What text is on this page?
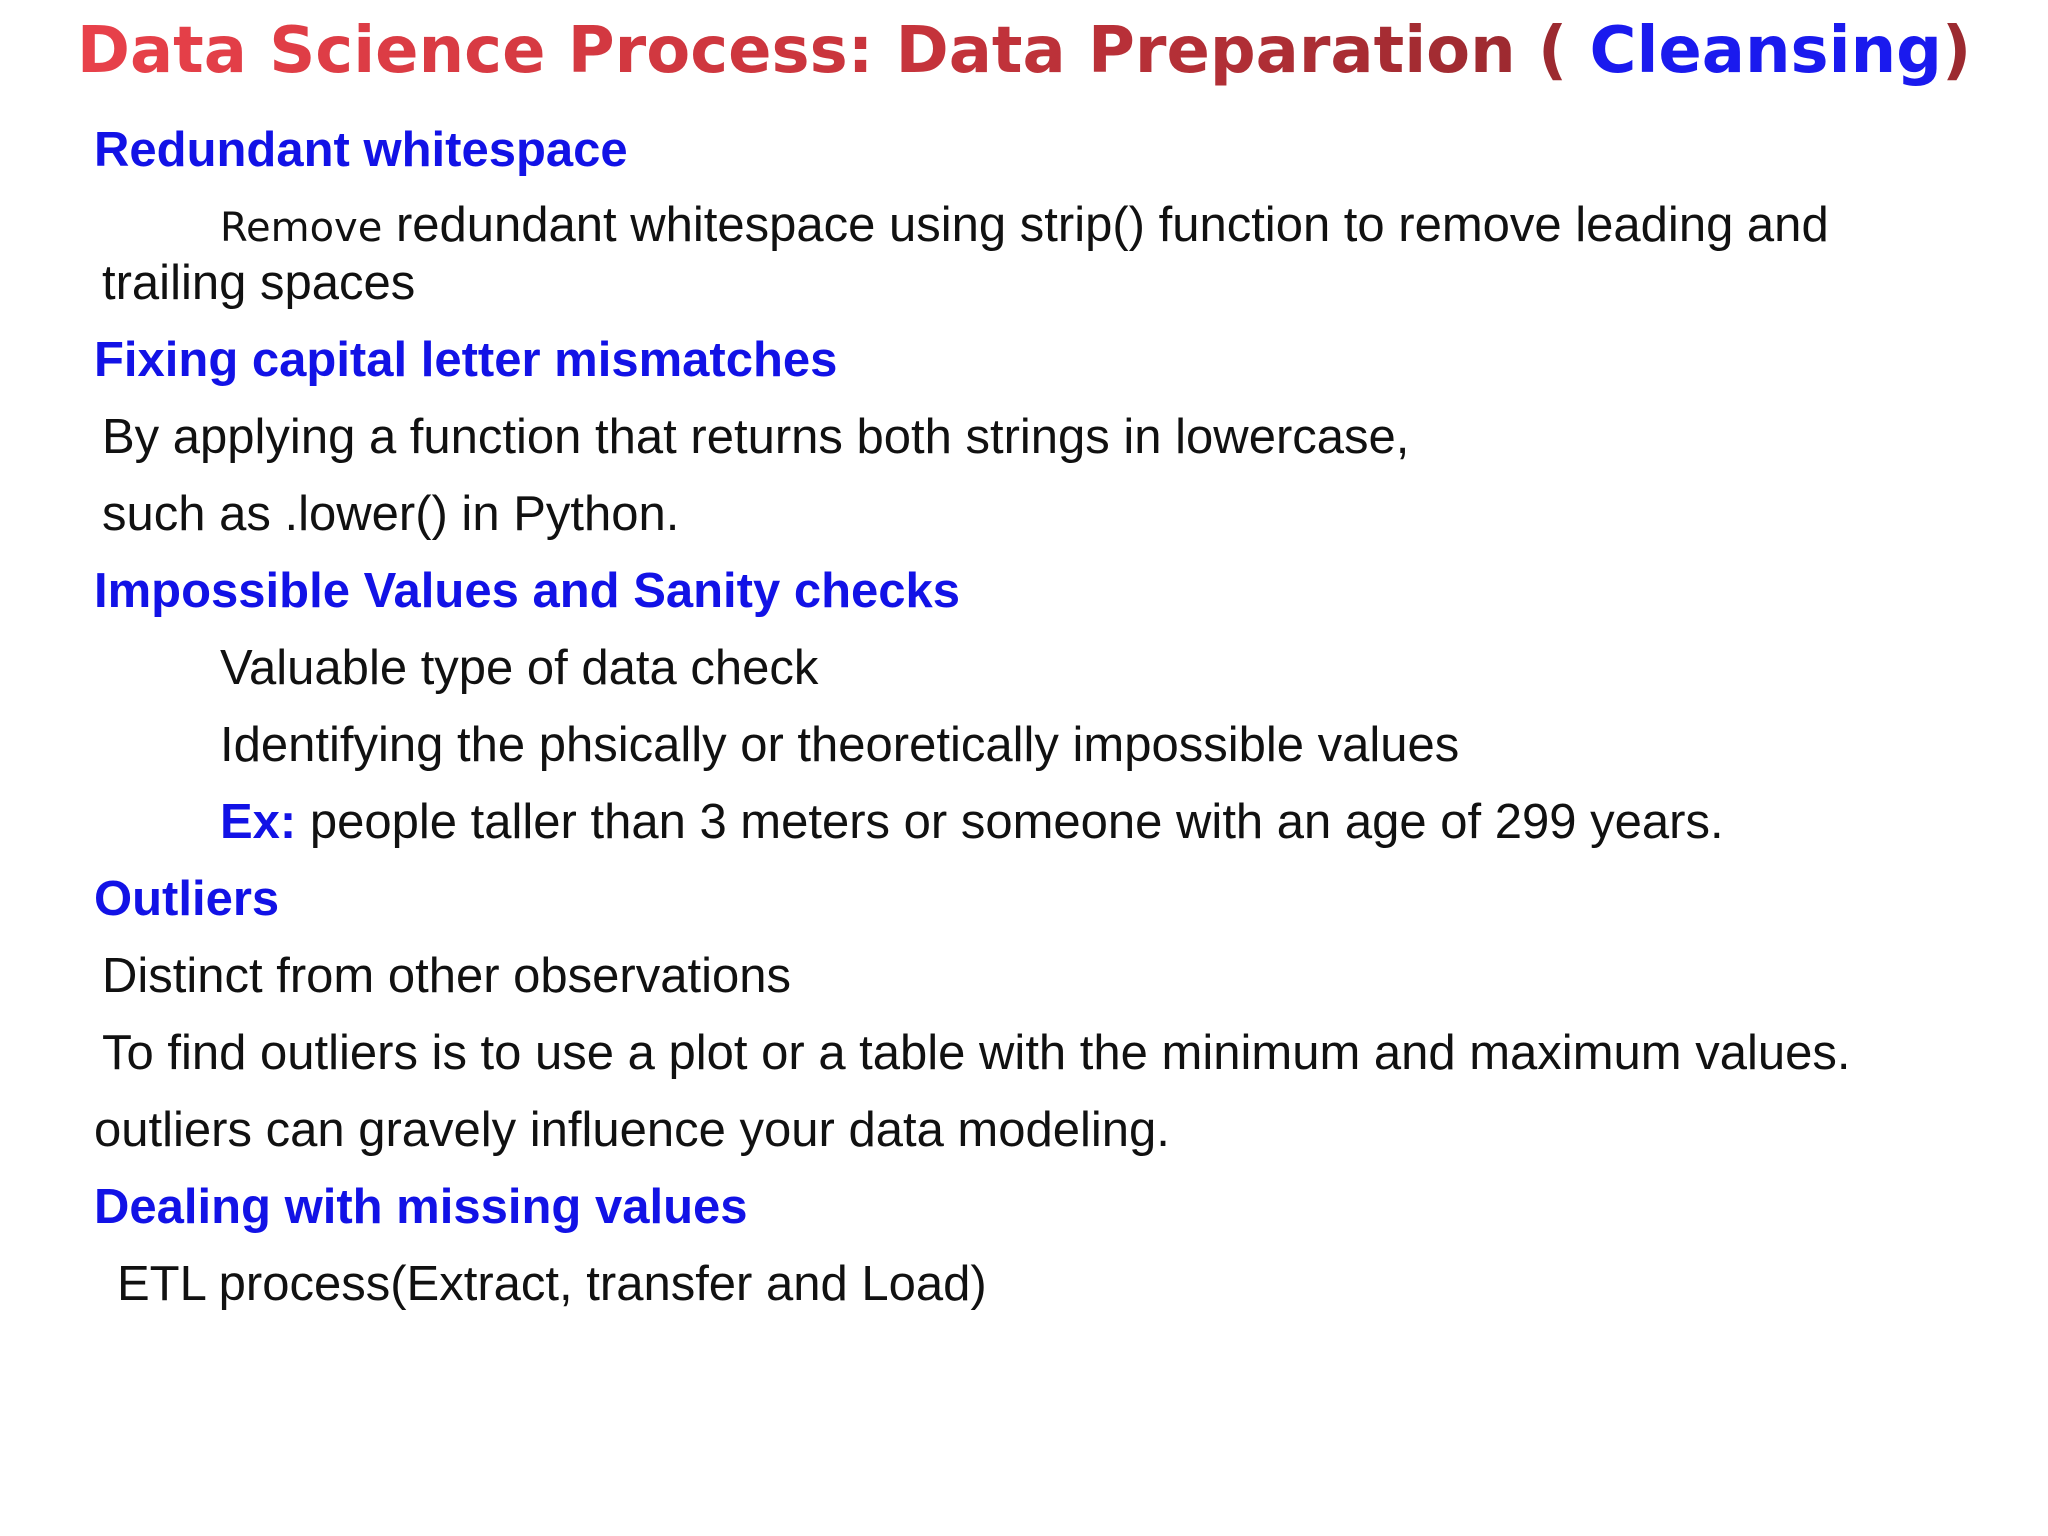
Data Science Process: Data Preparation ( Cleansing)
Redundant whitespace
Remove redundant whitespace using strip() function to remove leading and
trailing spaces
Fixing capital letter mismatches
By applying a function that returns both strings in lowercase,
such as .lower() in Python.
Impossible Values and Sanity checks
Valuable type of data check
Identifying the phsically or theoretically impossible values
Ex: people taller than 3 meters or someone with an age of 299 years.
Outliers
Distinct from other observations
To find outliers is to use a plot or a table with the minimum and maximum values.
outliers can gravely influence your data modeling.
Dealing with missing values
ETL process(Extract, transfer and Load)
